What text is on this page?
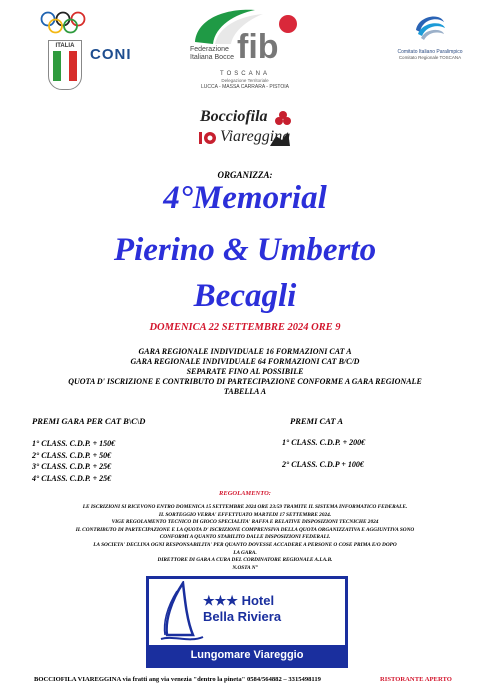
ITALIA	CONI	fib
Federazione
Italiana Bocce
TOSCANA
Delegazione Territoriale
LUCCA - MASSA CARRARA - PISTOIA
Comitato Italiano Paralimpico
Comitato Regionale TOSCANA
Bocciofila
Viareggina
ORGANIZZA:
4°Memorial
Pierino & Umberto
Becagli
DOMENICA 22 SETTEMBRE 2024 ORE 9
GARA REGIONALE INDIVIDUALE 16 FORMAZIONI CAT A
GARA REGIONALE INDIVIDUALE 64 FORMAZIONI CAT B/C/D
SEPARATE FINO AL POSSIBILE
QUOTA D' ISCRIZIONE E CONTRIBUTO DI PARTECIPAZIONE CONFORME A GARA REGIONALE
TABELLA A
PREMI GARA PER CAT B\C\D
1° CLASS. C.D.P. + 150€
2° CLASS. C.D.P. + 50€
3° CLASS. C.D.P. + 25€
4° CLASS. C.D.P. + 25€
PREMI CAT A
1° CLASS. C.D.P. + 200€
2° CLASS. C.D.P + 100€
REGOLAMENTO:
LE ISCRIZIONI SI RICEVONO ENTRO DOMENICA 15 SETTEMBRE 2024 ORE 23:59 TRAMITE IL SISTEMA INFORMATICO FEDERALE.
IL SORTEGGIO VERRA' EFFETTUATO MARTEDI 17 SETTEMBRE 2024.
VIGE REGOLAMENTO TECNICO DI GIOCO SPECIALITA' RAFFA E RELATIVE DISPOSIZIONI TECNICHE 2024
IL CONTRIBUTO DI PARTECIPAZIONE E LA QUOTA D' ISCRIZIONE COMPRENSIVA DELLA QUOTA ORGANIZZATIVA E AGGIUNTIVA SONO
CONFORMI A QUANTO STABILITO DALLE DISPOSIZIONI FEDERALI.
LA SOCIETA' DECLINA OGNI RESPONSABILITA' PER QUANTO DOVESSE ACCADERE A PERSONE O COSE PRIMA E/O DOPO
LA GARA.
DIRETTORE DI GARA A CURA DEL CORDINATORE REGIONALE A.I.A.B.
N.OSTA N°
★★★ Hotel
Bella Riviera
Lungomare Viareggio
BOCCIOFILA VIAREGGINA via fratti ang via venezia "dentro la pineta" 0584/564882 – 3315498119	RISTORANTE APERTO
